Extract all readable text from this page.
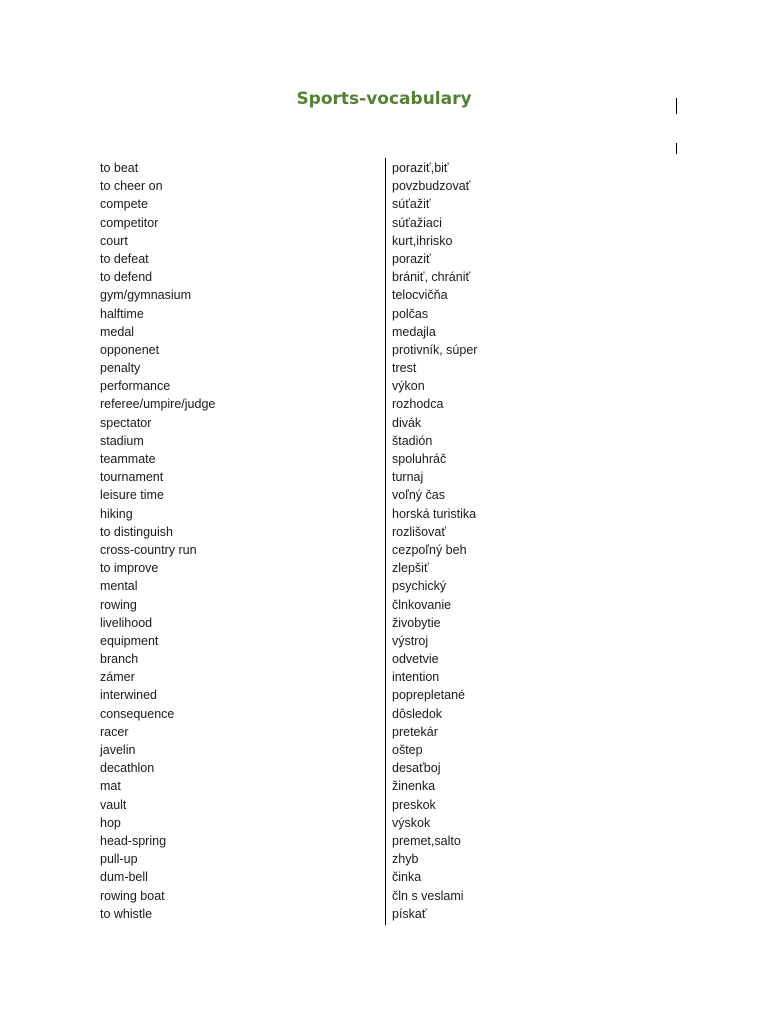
Sports-vocabulary
to beat	poraziť,biť
to cheer on	povzbudzovať
compete	súťažiť
competitor	súťažiaci
court	kurt,ihrisko
to defeat	poraziť
to defend	brániť, chrániť
gym/gymnasium	telocvičňa
halftime	polčas
medal	medajla
opponenet	protivník, súper
penalty	trest
performance	výkon
referee/umpire/judge	rozhodca
spectator	divák
stadium	štadión
teammate	spoluhráč
tournament	turnaj
leisure time	voľný čas
hiking	horská turistika
to distinguish	rozlišovať
cross-country run	cezpoľný beh
to improve	zlepšiť
mental	psychický
rowing	člnkovanie
livelihood	živobytie
equipment	výstroj
branch	odvetvie
zámer	intention
interwined	poprepletané
consequence	dôsledok
racer	pretekár
javelin	oštep
decathlon	desaťboj
mat	žinenka
vault	preskok
hop	výskok
head-spring	premet,salto
pull-up	zhyb
dum-bell	činka
rowing boat	čln s veslami
to whistle	pískať
